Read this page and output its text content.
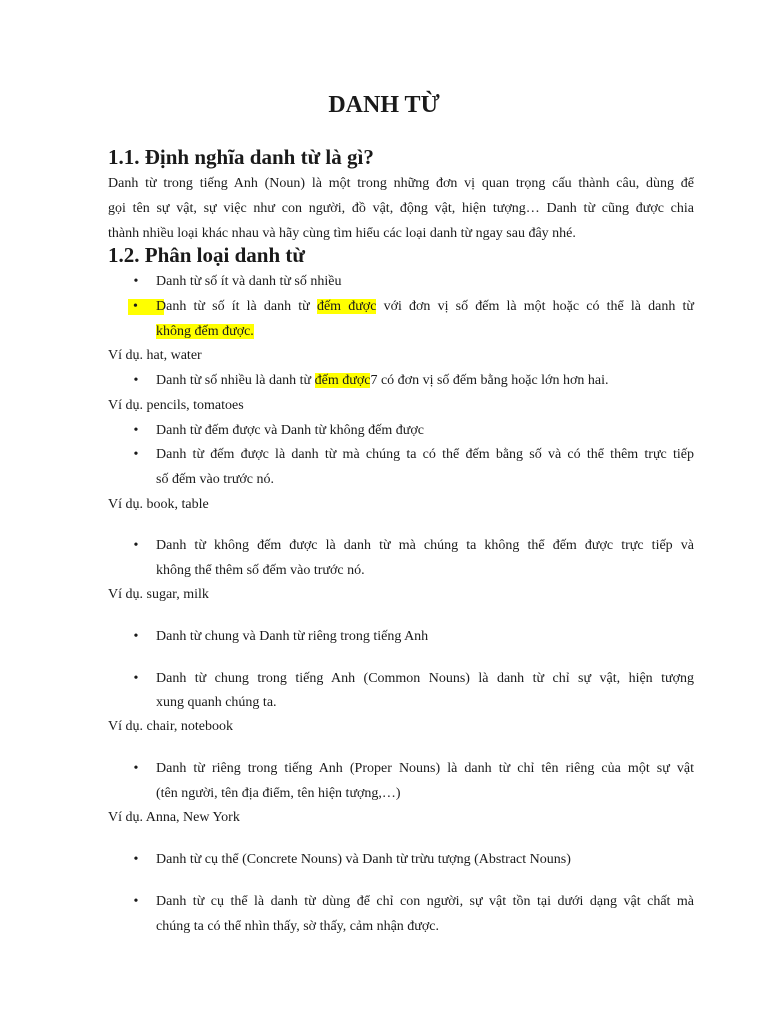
DANH TỪ
1.1. Định nghĩa danh từ là gì?
Danh từ trong tiếng Anh (Noun) là một trong những đơn vị quan trọng cấu thành câu, dùng để
gọi tên sự vật, sự việc như con người, đồ vật, động vật, hiện tượng… Danh từ cũng được chia
thành nhiều loại khác nhau và hãy cùng tìm hiểu các loại danh từ ngay sau đây nhé.
1.2. Phân loại danh từ
• Danh từ số ít và danh từ số nhiều
•	Danh từ số ít là danh từ đếm được với đơn vị số đếm là một hoặc có thể là danh từ
không đếm được.
Ví dụ. hat, water
• Danh từ số nhiều là danh từ đếm được7 có đơn vị số đếm bằng hoặc lớn hơn hai.
Ví dụ. pencils, tomatoes
• Danh từ đếm được và Danh từ không đếm được
• Danh từ đếm được là danh từ mà chúng ta có thể đếm bằng số và có thể thêm trực tiếp
số đếm vào trước nó.
Ví dụ. book, table
• Danh từ không đếm được là danh từ mà chúng ta không thể đếm được trực tiếp và
không thể thêm số đếm vào trước nó.
Ví dụ. sugar, milk
• Danh từ chung và Danh từ riêng trong tiếng Anh
• Danh từ chung trong tiếng Anh (Common Nouns) là danh từ chỉ sự vật, hiện tượng
xung quanh chúng ta.
Ví dụ. chair, notebook
• Danh từ riêng trong tiếng Anh (Proper Nouns) là danh từ chỉ tên riêng của một sự vật
(tên người, tên địa điểm, tên hiện tượng,…)
Ví dụ. Anna, New York
• Danh từ cụ thể (Concrete Nouns) và Danh từ trừu tượng (Abstract Nouns)
• Danh từ cụ thể là danh từ dùng để chỉ con người, sự vật tồn tại dưới dạng vật chất mà
chúng ta có thể nhìn thấy, sờ thấy, cảm nhận được.
